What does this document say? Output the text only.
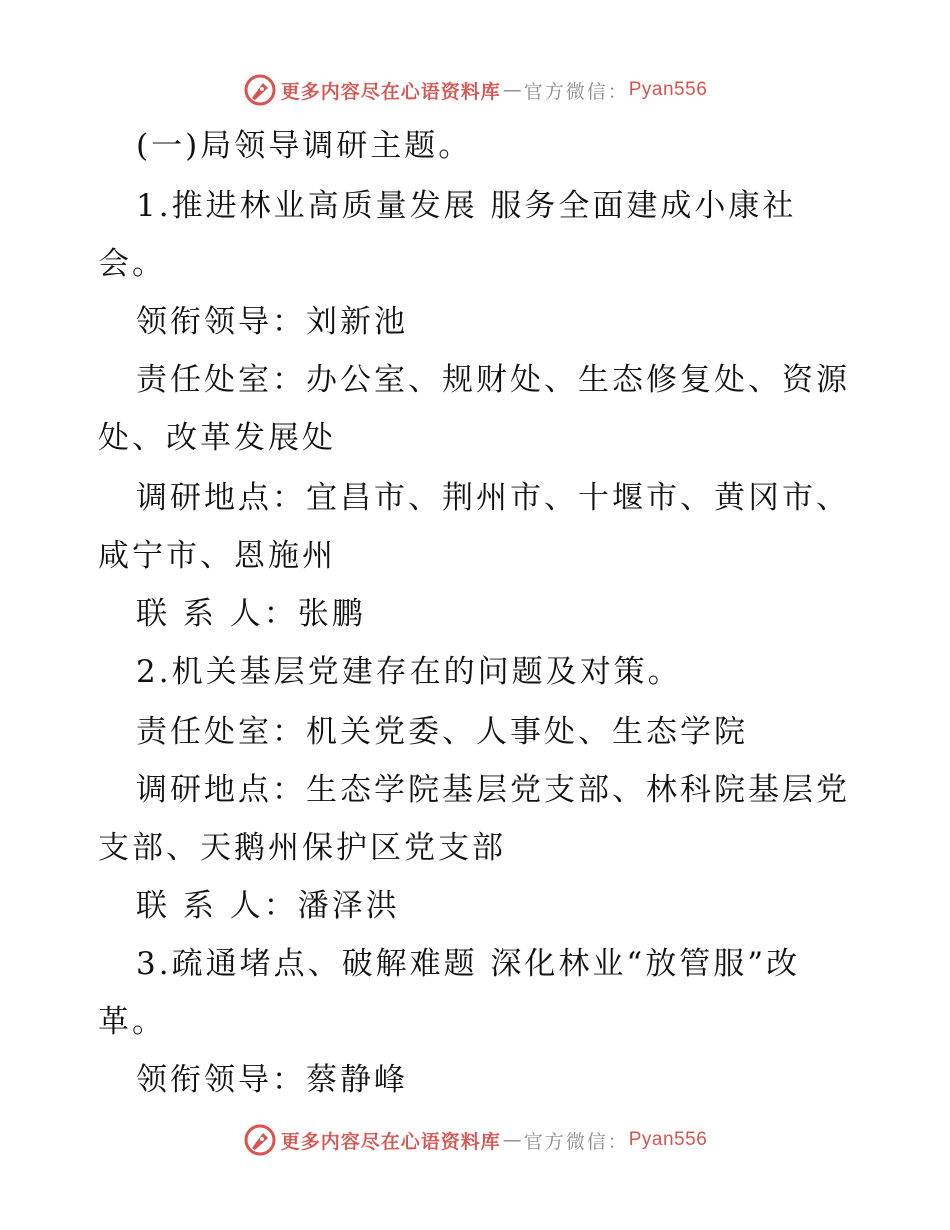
更多内容尽在心语资料库 — 官方微信： Pyan556
(一)局领导调研主题。
1.推进林业高质量发展 服务全面建成小康社
会。
领衔领导：刘新池
责任处室：办公室、规财处、生态修复处、资源
处、改革发展处
调研地点：宜昌市、荆州市、十堰市、黄冈市、
咸宁市、恩施州
联 系 人：张鹏
2.机关基层党建存在的问题及对策。
责任处室：机关党委、人事处、生态学院
调研地点：生态学院基层党支部、林科院基层党
支部、天鹅州保护区党支部
联 系 人：潘泽洪
3.疏通堵点、破解难题 深化林业“放管服”改
革。
领衔领导：蔡静峰
更多内容尽在心语资料库 — 官方微信： Pyan556
